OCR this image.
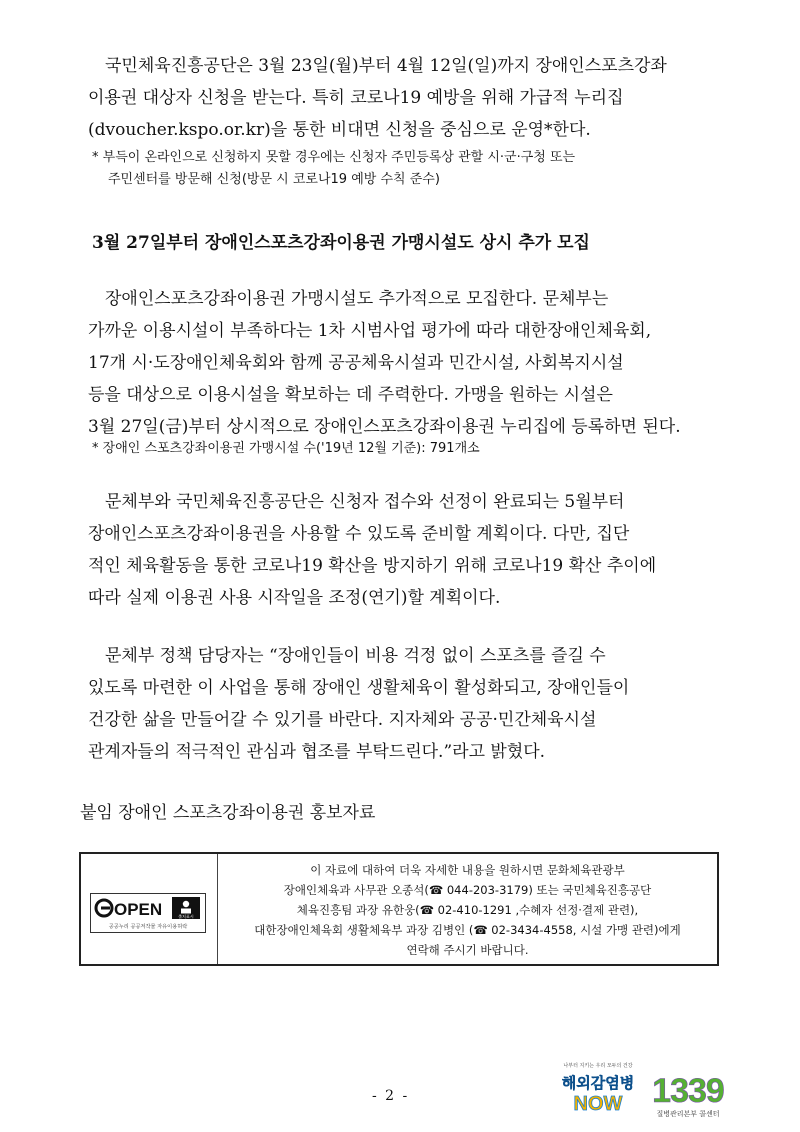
국민체육진흥공단은 3월 23일(월)부터 4월 12일(일)까지 장애인스포츠강좌
이용권 대상자 신청을 받는다. 특히 코로나19 예방을 위해 가급적 누리집
(dvoucher.kspo.or.kr)을 통한 비대면 신청을 중심으로 운영*한다.

* 부득이 온라인으로 신청하지 못할 경우에는 신청자 주민등록상 관할 시·군·구청 또는
주민센터를 방문해 신청(방문 시 코로나19 예방 수칙 준수)
3월 27일부터 장애인스포츠강좌이용권 가맹시설도 상시 추가 모집

장애인스포츠강좌이용권 가맹시설도 추가적으로 모집한다. 문체부는
가까운 이용시설이 부족하다는 1차 시범사업 평가에 따라 대한장애인체육회,
17개 시·도장애인체육회와 함께 공공체육시설과 민간시설, 사회복지시설
등을 대상으로 이용시설을 확보하는 데 주력한다. 가맹을 원하는 시설은
3월 27일(금)부터 상시적으로 장애인스포츠강좌이용권 누리집에 등록하면 된다.

* 장애인 스포츠강좌이용권 가맹시설 수('19년 12월 기준): 791개소

문체부와 국민체육진흥공단은 신청자 접수와 선정이 완료되는 5월부터
장애인스포츠강좌이용권을 사용할 수 있도록 준비할 계획이다. 다만, 집단
적인 체육활동을 통한 코로나19 확산을 방지하기 위해 코로나19 확산 추이에
따라 실제 이용권 사용 시작일을 조정(연기)할 계획이다.

문체부 정책 담당자는 “장애인들이 비용 걱정 없이 스포츠를 즐길 수
있도록 마련한 이 사업을 통해 장애인 생활체육이 활성화되고, 장애인들이
건강한 삶을 만들어갈 수 있기를 바란다. 지자체와 공공·민간체육시설
관계자들의 적극적인 관심과 협조를 부탁드린다.”라고 밝혔다.

붙임 장애인 스포츠강좌이용권 홍보자료
OPEN	출처표시
공공누리 공공저작물 자유이용허락
이 자료에 대하여 더욱 자세한 내용을 원하시면 문화체육관광부
장애인체육과 사무관 오종석(☎ 044-203-3179) 또는 국민체육진흥공단
체육진흥팀 과장 유한웅(☎ 02-410-1291 ,수혜자 선정·결제 관련),
대한장애인체육회 생활체육부 과장 김병인 (☎ 02-3434-4558, 시설 가맹 관련)에게
연락해 주시기 바랍니다.
- 2 -
나부터 지키는 우리 모두의 건강
해외감염병
NOW 1339
질병관리본부 콜센터
